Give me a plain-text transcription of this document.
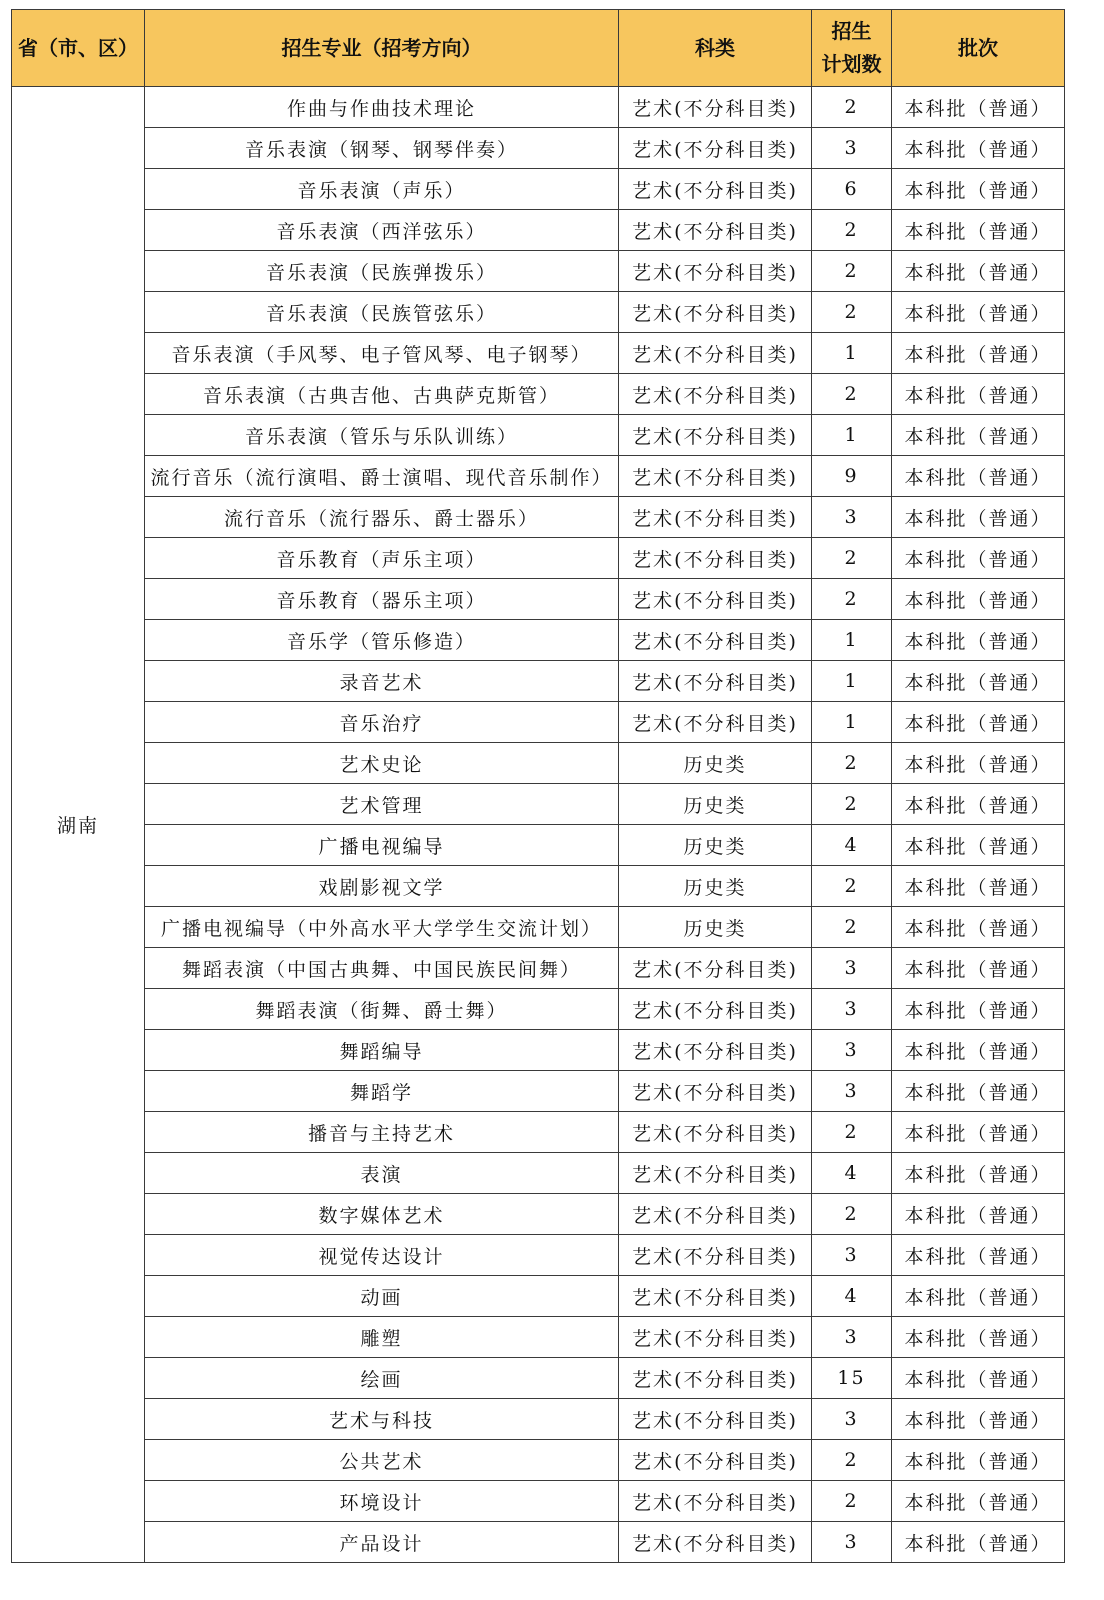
省（市、区）	招生专业（招考方向）	科类	招生
计划数	批次
湖南	作曲与作曲技术理论	艺术(不分科目类)	2	本科批（普通）
	音乐表演（钢琴、钢琴伴奏）	艺术(不分科目类)	3	本科批（普通）
	音乐表演（声乐）	艺术(不分科目类)	6	本科批（普通）
	音乐表演（西洋弦乐）	艺术(不分科目类)	2	本科批（普通）
	音乐表演（民族弹拨乐）	艺术(不分科目类)	2	本科批（普通）
	音乐表演（民族管弦乐）	艺术(不分科目类)	2	本科批（普通）
	音乐表演（手风琴、电子管风琴、电子钢琴）	艺术(不分科目类)	1	本科批（普通）
	音乐表演（古典吉他、古典萨克斯管）	艺术(不分科目类)	2	本科批（普通）
	音乐表演（管乐与乐队训练）	艺术(不分科目类)	1	本科批（普通）
	流行音乐（流行演唱、爵士演唱、现代音乐制作）	艺术(不分科目类)	9	本科批（普通）
	流行音乐（流行器乐、爵士器乐）	艺术(不分科目类)	3	本科批（普通）
	音乐教育（声乐主项）	艺术(不分科目类)	2	本科批（普通）
	音乐教育（器乐主项）	艺术(不分科目类)	2	本科批（普通）
	音乐学（管乐修造）	艺术(不分科目类)	1	本科批（普通）
	录音艺术	艺术(不分科目类)	1	本科批（普通）
	音乐治疗	艺术(不分科目类)	1	本科批（普通）
	艺术史论	历史类	2	本科批（普通）
	艺术管理	历史类	2	本科批（普通）
	广播电视编导	历史类	4	本科批（普通）
	戏剧影视文学	历史类	2	本科批（普通）
	广播电视编导（中外高水平大学学生交流计划）	历史类	2	本科批（普通）
	舞蹈表演（中国古典舞、中国民族民间舞）	艺术(不分科目类)	3	本科批（普通）
	舞蹈表演（街舞、爵士舞）	艺术(不分科目类)	3	本科批（普通）
	舞蹈编导	艺术(不分科目类)	3	本科批（普通）
	舞蹈学	艺术(不分科目类)	3	本科批（普通）
	播音与主持艺术	艺术(不分科目类)	2	本科批（普通）
	表演	艺术(不分科目类)	4	本科批（普通）
	数字媒体艺术	艺术(不分科目类)	2	本科批（普通）
	视觉传达设计	艺术(不分科目类)	3	本科批（普通）
	动画	艺术(不分科目类)	4	本科批（普通）
	雕塑	艺术(不分科目类)	3	本科批（普通）
	绘画	艺术(不分科目类)	15	本科批（普通）
	艺术与科技	艺术(不分科目类)	3	本科批（普通）
	公共艺术	艺术(不分科目类)	2	本科批（普通）
	环境设计	艺术(不分科目类)	2	本科批（普通）
	产品设计	艺术(不分科目类)	3	本科批（普通）
